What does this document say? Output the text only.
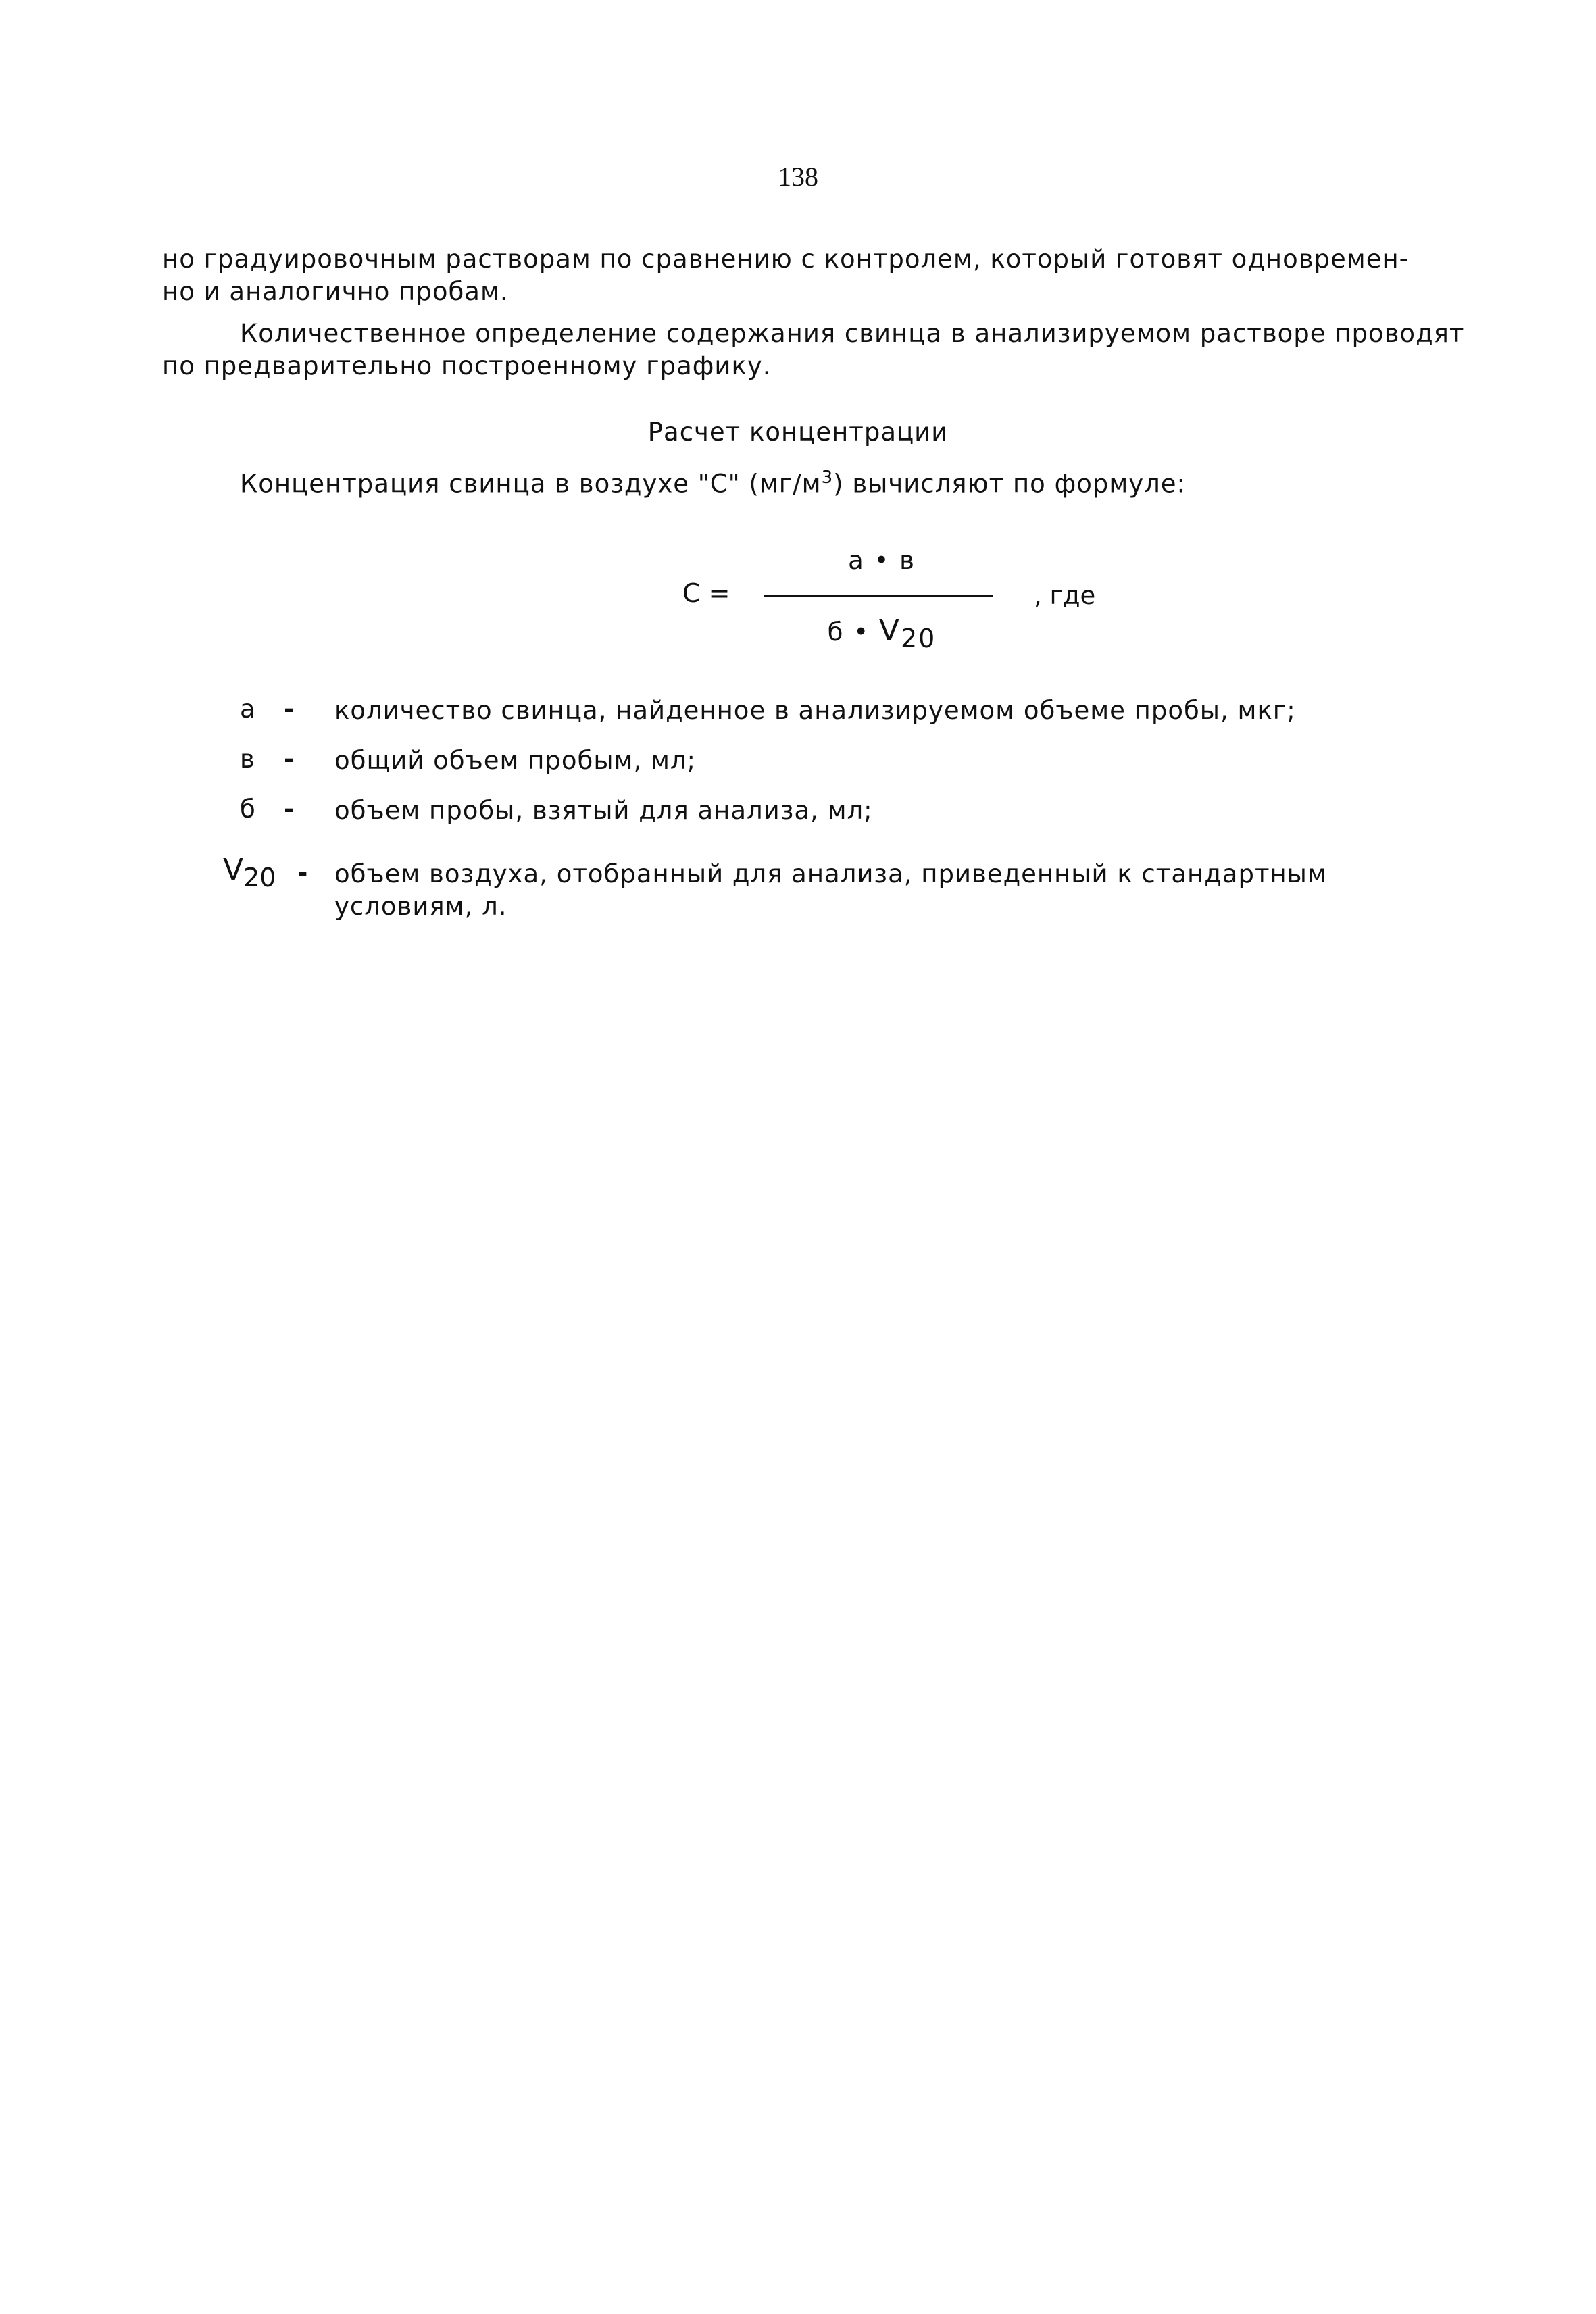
138

но градуировочным растворам по сравнению с контролем, который готовят одновремен-

но и аналогично пробам.

Количественное определение содержания свинца в анализируемом растворе проводят

по предварительно построенному графику.

Расчет концентрации
Концентрация свинца в воздухе "С" $(мг/м^3)$ вычисляют по формуле:
С =
а • в
б • $V_{20}$
, где
а - количество свинца, найденное в анализируемом объеме пробы, мкг;
в - общий объем пробым, мл;
б - объем пробы, взятый для анализа, мл;
$V_{20}$ - объем воздуха, отобранный для анализа, приведенный к стандартным условиям, л.
